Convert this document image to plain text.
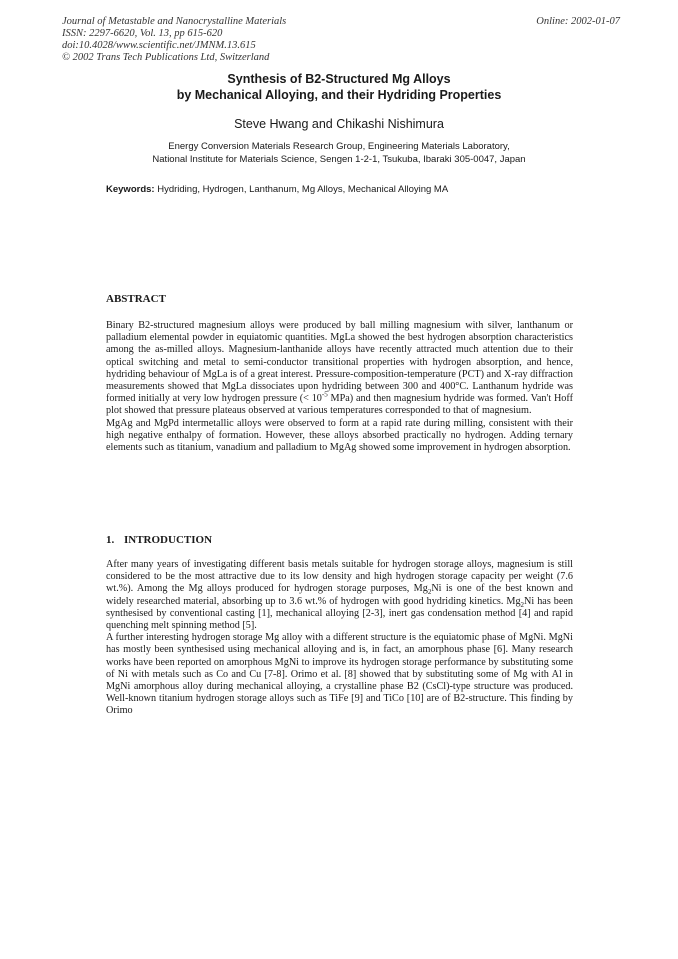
Journal of Metastable and Nanocrystalline Materials
ISSN: 2297-6620, Vol. 13, pp 615-620
doi:10.4028/www.scientific.net/JMNM.13.615
© 2002 Trans Tech Publications Ltd, Switzerland
Online: 2002-01-07
Synthesis of B2-Structured Mg Alloys
by Mechanical Alloying, and their Hydriding Properties
Steve Hwang and Chikashi Nishimura
Energy Conversion Materials Research Group, Engineering Materials Laboratory,
National Institute for Materials Science, Sengen 1-2-1, Tsukuba, Ibaraki 305-0047, Japan
Keywords: Hydriding, Hydrogen, Lanthanum, Mg Alloys, Mechanical Alloying MA
ABSTRACT

Binary B2-structured magnesium alloys were produced by ball milling magnesium with silver, lanthanum or palladium elemental powder in equiatomic quantities. MgLa showed the best hydrogen absorption characteristics among the as-milled alloys. Magnesium-lanthanide alloys have recently attracted much attention due to their optical switching and metal to semi-conductor transitional properties with hydrogen absorption, and hence, hydriding behaviour of MgLa is of a great interest. Pressure-composition-temperature (PCT) and X-ray diffraction measurements showed that MgLa dissociates upon hydriding between 300 and 400°C. Lanthanum hydride was formed initially at very low hydrogen pressure (< $10^{-5}$ MPa) and then magnesium hydride was formed. Van't Hoff plot showed that pressure plateaus observed at various temperatures corresponded to that of magnesium.

MgAg and MgPd intermetallic alloys were observed to form at a rapid rate during milling, consistent with their high negative enthalpy of formation. However, these alloys absorbed practically no hydrogen. Adding ternary elements such as titanium, vanadium and palladium to MgAg showed some improvement in hydrogen absorption.

1. INTRODUCTION

After many years of investigating different basis metals suitable for hydrogen storage alloys, magnesium is still considered to be the most attractive due to its low density and high hydrogen storage capacity per weight (7.6 wt.%). Among the Mg alloys produced for hydrogen storage purposes, $Mg_2Ni$ is one of the best known and widely researched material, absorbing up to 3.6 wt.% of hydrogen with good hydriding kinetics. $Mg_2Ni$ has been synthesised by conventional casting [1], mechanical alloying [2-3], inert gas condensation method [4] and rapid quenching melt spinning method [5].

A further interesting hydrogen storage Mg alloy with a different structure is the equiatomic phase of MgNi. MgNi has mostly been synthesised using mechanical alloying and is, in fact, an amorphous phase [6]. Many research works have been reported on amorphous MgNi to improve its hydrogen storage performance by substituting some of Ni with metals such as Co and Cu [7-8]. Orimo et al. [8] showed that by substituting some of Mg with Al in MgNi amorphous alloy during mechanical alloying, a crystalline phase B2 (CsCl)-type structure was produced. Well-known titanium hydrogen storage alloys such as TiFe [9] and TiCo [10] are of B2-structure. This finding by Orimo
